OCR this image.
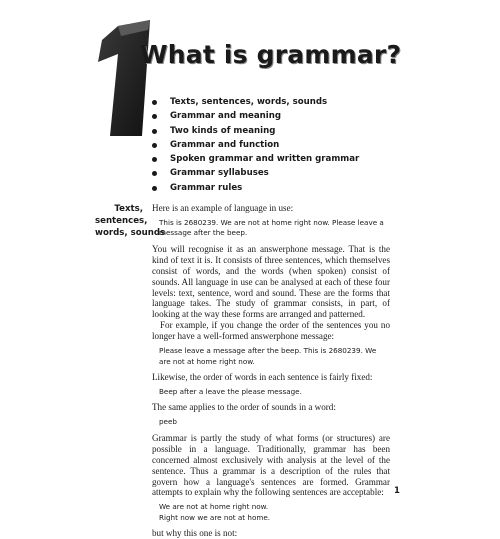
What is grammar?
Texts, sentences, words, sounds
Grammar and meaning
Two kinds of meaning
Grammar and function
Spoken grammar and written grammar
Grammar syllabuses
Grammar rules
Texts,
sentences,
words, sounds

Here is an example of language in use:

This is 2680239. We are not at home right now. Please leave a message after the beep.

You will recognise it as an answerphone message. That is the kind of text it is. It consists of three sentences, which themselves consist of words, and the words (when spoken) consist of sounds. All language in use can be analysed at each of these four levels: text, sentence, word and sound. These are the forms that language takes. The study of grammar consists, in part, of looking at the way these forms are arranged and patterned.

For example, if you change the order of the sentences you no longer have a well-formed answerphone message:

Please leave a message after the beep. This is 2680239. We are not at home right now.

Likewise, the order of words in each sentence is fairly fixed:

Beep after a leave the please message.

The same applies to the order of sounds in a word:

peeb

Grammar is partly the study of what forms (or structures) are possible in a language. Traditionally, grammar has been concerned almost exclusively with analysis at the level of the sentence. Thus a grammar is a description of the rules that govern how a language's sentences are formed. Grammar attempts to explain why the following sentences are acceptable:

We are not at home right now.

Right now we are not at home.

but why this one is not:

1
